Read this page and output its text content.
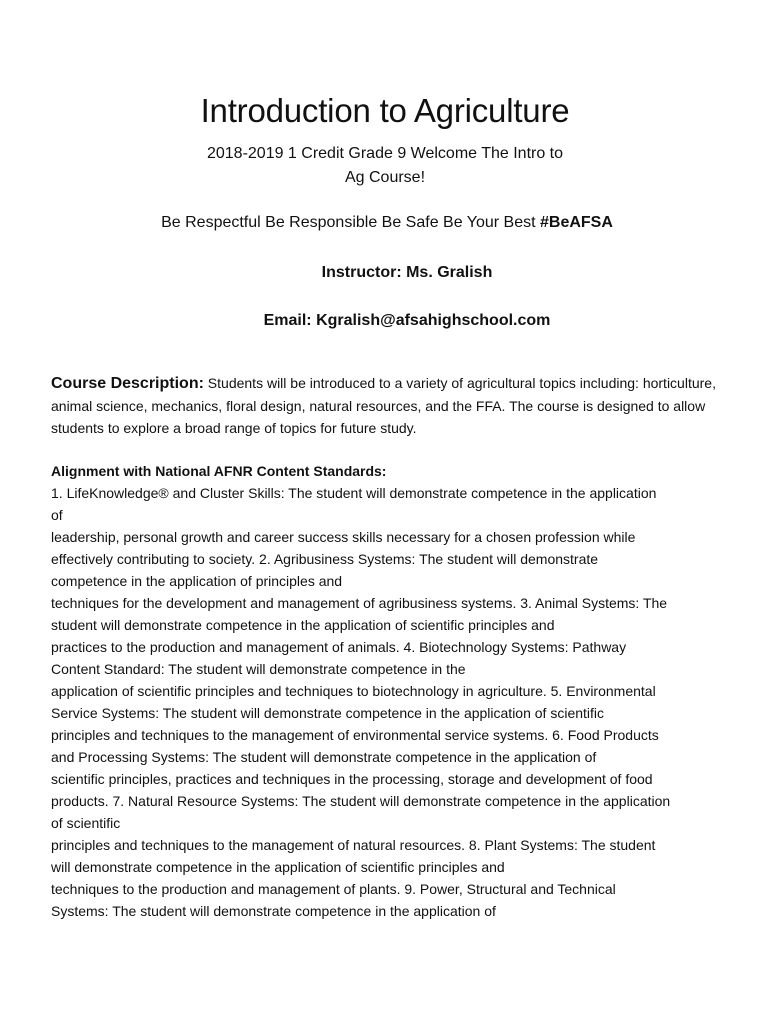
Introduction to Agriculture

2018-2019 1 Credit Grade 9 Welcome The Intro to
Ag Course!

Be Respectful Be Responsible Be Safe Be Your Best #BeAFSA

Instructor: Ms. Gralish

Email: Kgralish@afsahighschool.com

Course Description: Students will be introduced to a variety of agricultural topics including: horticulture, animal science, mechanics, floral design, natural resources, and the FFA. The course is designed to allow students to explore a broad range of topics for future study.

Alignment with National AFNR Content Standards:
1. LifeKnowledge® and Cluster Skills: The student will demonstrate competence in the application
of
leadership, personal growth and career success skills necessary for a chosen profession while
effectively contributing to society. 2. Agribusiness Systems: The student will demonstrate
competence in the application of principles and
techniques for the development and management of agribusiness systems. 3. Animal Systems: The
student will demonstrate competence in the application of scientific principles and
practices to the production and management of animals. 4. Biotechnology Systems: Pathway
Content Standard: The student will demonstrate competence in the
application of scientific principles and techniques to biotechnology in agriculture. 5. Environmental
Service Systems: The student will demonstrate competence in the application of scientific
principles and techniques to the management of environmental service systems. 6. Food Products
and Processing Systems: The student will demonstrate competence in the application of
scientific principles, practices and techniques in the processing, storage and development of food
products. 7. Natural Resource Systems: The student will demonstrate competence in the application
of scientific
principles and techniques to the management of natural resources. 8. Plant Systems: The student
will demonstrate competence in the application of scientific principles and
techniques to the production and management of plants. 9. Power, Structural and Technical
Systems: The student will demonstrate competence in the application of
